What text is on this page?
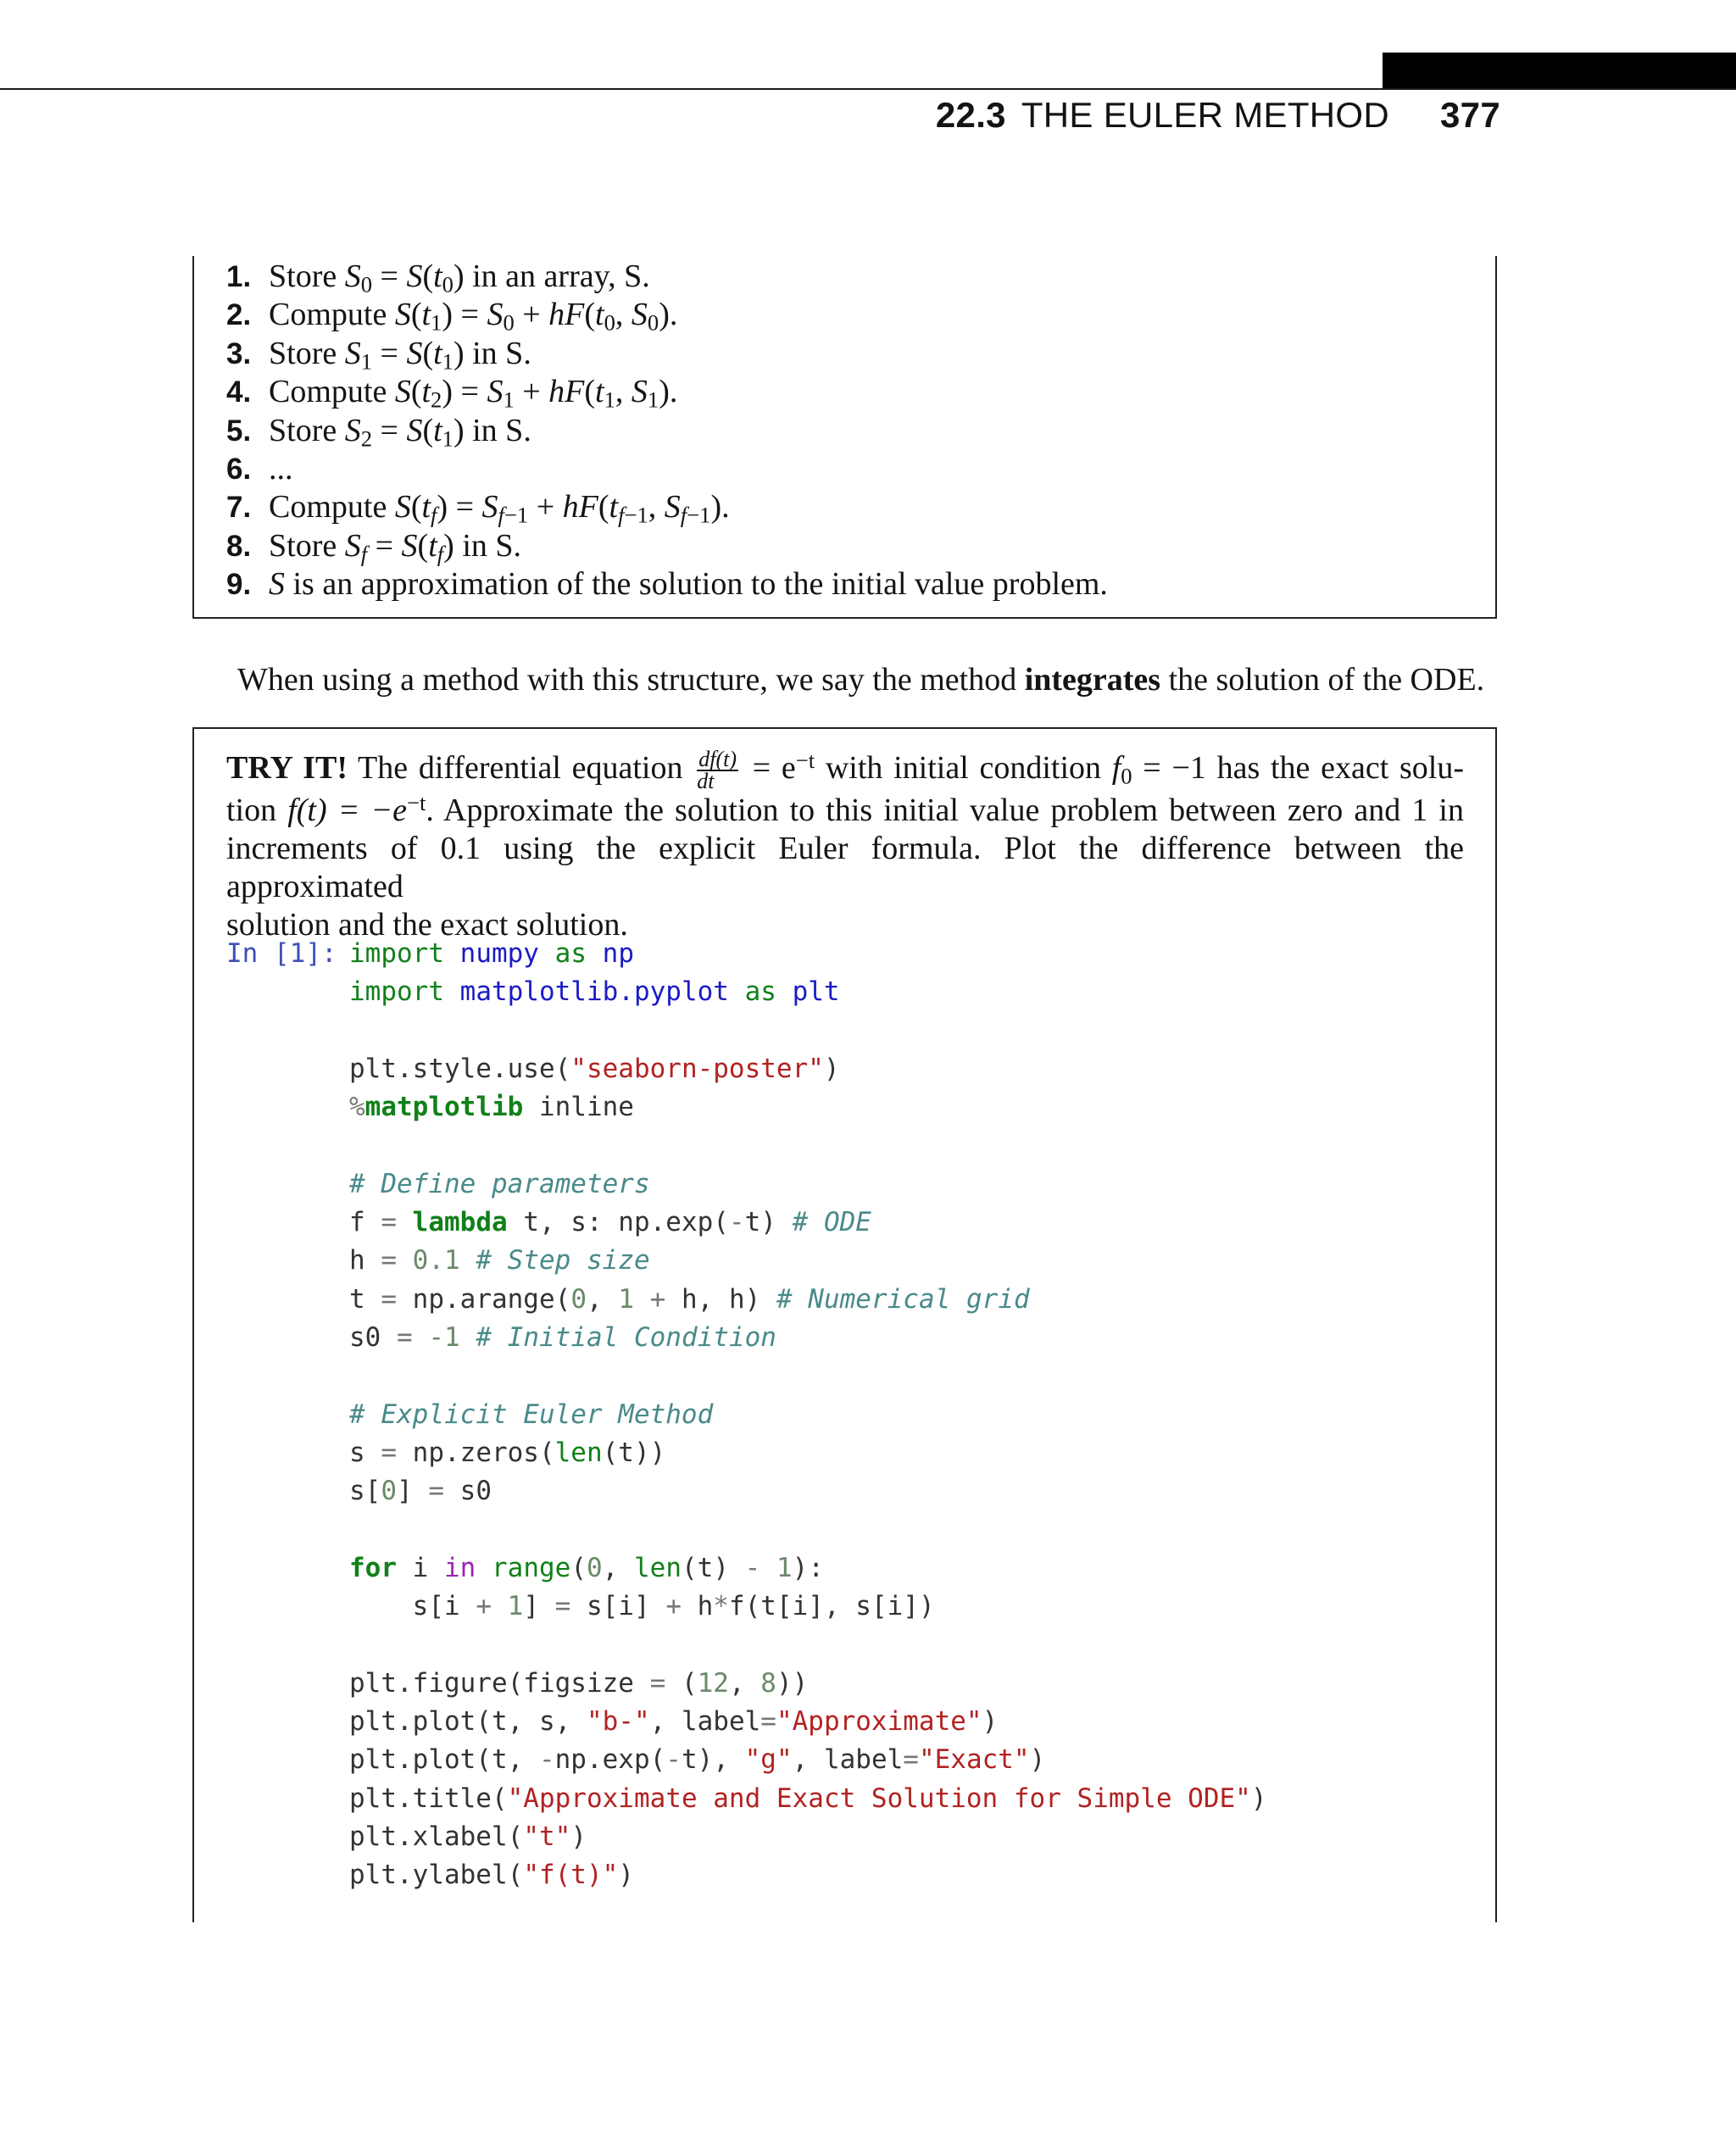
22.3 THE EULER METHOD 377
1. Store $S_0 = S(t_0)$ in an array, S.
2. Compute $S(t_1) = S_0 + hF(t_0$, $S_0$).
3. Store $S_1 = S(t_1)$ in S.
4. Compute $S(t_2) = S_1 + hF(t_1$, $S_1$).
5. Store $S_2 = S(t_1)$ in S.
6. ...
7. Compute $S(t_f) = S_{f-1} + hF(t_{f-1}$, $S_{f-1}$).
8. Store $S_f = S(t_f)$ in S.
9. S is an approximation of the solution to the initial value problem.
When using a method with this structure, we say the method integrates the solution of the ODE.
TRY IT! The differential equation $\frac{df(t)}{dt} = e^{-t}$ with initial condition $f_0 = -1$ has the exact solu-
tion $f(t) = -e^{-t}$. Approximate the solution to this initial value problem between zero and 1 in
increments of 0.1 using the explicit Euler formula. Plot the difference between the approximated
solution and the exact solution.
In [1]: import numpy as np
import matplotlib.pyplot as plt
plt.style.use("seaborn-poster")
%matplotlib inline
# Define parameters
f = lambda t, s: np.exp(-t) # ODE
h = 0.1 # Step size
t = np.arange(0, 1 + h, h) # Numerical grid
s0 = -1 # Initial Condition
# Explicit Euler Method
s = np.zeros(len(t))
s[0] = s0
for i in range(0, len(t) - 1):
s[i + 1] = s[i] + h*f(t[i], s[i])
plt.figure(figsize = (12, 8))
plt.plot(t, s, "b-", label="Approximate")
plt.plot(t, -np.exp(-t), "g", label="Exact")
plt.title("Approximate and Exact Solution for Simple ODE")
plt.xlabel("t")
plt.ylabel("f(t)")
